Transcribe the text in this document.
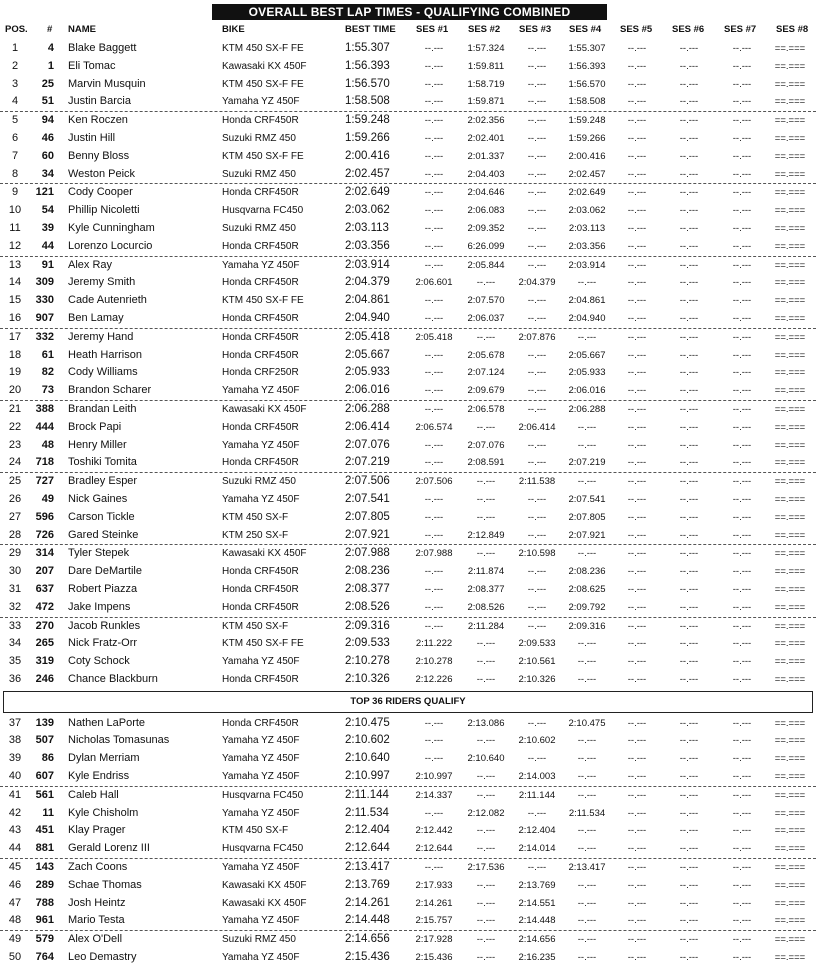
OVERALL BEST LAP TIMES - QUALIFYING COMBINED
POS. # NAME	BIKE	BEST TIME SES #1 SES #2 SES #3 SES #4 SES #5 SES #6 SES #7 SES #8
1	4 Blake Baggett	KTM 450 SX-F FE	1:55.307	--.---	1:57.324	--.---	1:55.307	--.---	--.---	--.---	==.===
2	1 Eli Tomac	Kawasaki KX 450F	1:56.393	--.---	1:59.811	--.---	1:56.393	--.---	--.---	--.---	==.===
3	25 Marvin Musquin	KTM 450 SX-F FE	1:56.570	--.---	1:58.719	--.---	1:56.570	--.---	--.---	--.---	==.===
4	51 Justin Barcia	Yamaha YZ 450F	1:58.508	--.---	1:59.871	--.---	1:58.508	--.---	--.---	--.---	==.===
5	94 Ken Roczen	Honda CRF450R	1:59.248	--.---	2:02.356	--.---	1:59.248	--.---	--.---	--.---	==.===
6	46 Justin Hill	Suzuki RMZ 450	1:59.266	--.---	2:02.401	--.---	1:59.266	--.---	--.---	--.---	==.===
7	60 Benny Bloss	KTM 450 SX-F FE	2:00.416	--.---	2:01.337	--.---	2:00.416	--.---	--.---	--.---	==.===
8	34 Weston Peick	Suzuki RMZ 450	2:02.457	--.---	2:04.403	--.---	2:02.457	--.---	--.---	--.---	==.===
9	121 Cody Cooper	Honda CRF450R	2:02.649	--.---	2:04.646	--.---	2:02.649	--.---	--.---	--.---	==.===
10	54 Phillip Nicoletti	Husqvarna FC450	2:03.062	--.---	2:06.083	--.---	2:03.062	--.---	--.---	--.---	==.===
11	39 Kyle Cunningham	Suzuki RMZ 450	2:03.113	--.---	2:09.352	--.---	2:03.113	--.---	--.---	--.---	==.===
12	44 Lorenzo Locurcio	Honda CRF450R	2:03.356	--.---	6:26.099	--.---	2:03.356	--.---	--.---	--.---	==.===
13	91 Alex Ray	Yamaha YZ 450F	2:03.914	--.---	2:05.844	--.---	2:03.914	--.---	--.---	--.---	==.===
14	309 Jeremy Smith	Honda CRF450R	2:04.379	2:06.601	--.---	2:04.379	--.---	--.---	--.---	--.---	==.===
15	330 Cade Autenrieth	KTM 450 SX-F FE	2:04.861	--.---	2:07.570	--.---	2:04.861	--.---	--.---	--.---	==.===
16	907 Ben Lamay	Honda CRF450R	2:04.940	--.---	2:06.037	--.---	2:04.940	--.---	--.---	--.---	==.===
17	332 Jeremy Hand	Honda CRF450R	2:05.418	2:05.418	--.---	2:07.876	--.---	--.---	--.---	--.---	==.===
18	61 Heath Harrison	Honda CRF450R	2:05.667	--.---	2:05.678	--.---	2:05.667	--.---	--.---	--.---	==.===
19	82 Cody Williams	Honda CRF250R	2:05.933	--.---	2:07.124	--.---	2:05.933	--.---	--.---	--.---	==.===
20	73 Brandon Scharer	Yamaha YZ 450F	2:06.016	--.---	2:09.679	--.---	2:06.016	--.---	--.---	--.---	==.===
21	388 Brandan Leith	Kawasaki KX 450F	2:06.288	--.---	2:06.578	--.---	2:06.288	--.---	--.---	--.---	==.===
22	444 Brock Papi	Honda CRF450R	2:06.414	2:06.574	--.---	2:06.414	--.---	--.---	--.---	--.---	==.===
23	48 Henry Miller	Yamaha YZ 450F	2:07.076	--.---	2:07.076	--.---	--.---	--.---	--.---	--.---	==.===
24	718 Toshiki Tomita	Honda CRF450R	2:07.219	--.---	2:08.591	--.---	2:07.219	--.---	--.---	--.---	==.===
25	727 Bradley Esper	Suzuki RMZ 450	2:07.506	2:07.506	--.---	2:11.538	--.---	--.---	--.---	--.---	==.===
26	49 Nick Gaines	Yamaha YZ 450F	2:07.541	--.---	--.---	--.---	2:07.541	--.---	--.---	--.---	==.===
27	596 Carson Tickle	KTM 450 SX-F	2:07.805	--.---	--.---	--.---	2:07.805	--.---	--.---	--.---	==.===
28	726 Gared Steinke	KTM 250 SX-F	2:07.921	--.---	2:12.849	--.---	2:07.921	--.---	--.---	--.---	==.===
29	314 Tyler Stepek	Kawasaki KX 450F	2:07.988	2:07.988	--.---	2:10.598	--.---	--.---	--.---	--.---	==.===
30	207 Dare DeMartile	Honda CRF450R	2:08.236	--.---	2:11.874	--.---	2:08.236	--.---	--.---	--.---	==.===
31	637 Robert Piazza	Honda CRF450R	2:08.377	--.---	2:08.377	--.---	2:08.625	--.---	--.---	--.---	==.===
32	472 Jake Impens	Honda CRF450R	2:08.526	--.---	2:08.526	--.---	2:09.792	--.---	--.---	--.---	==.===
33	270 Jacob Runkles	KTM 450 SX-F	2:09.316	--.---	2:11.284	--.---	2:09.316	--.---	--.---	--.---	==.===
34	265 Nick Fratz-Orr	KTM 450 SX-F FE	2:09.533	2:11.222	--.---	2:09.533	--.---	--.---	--.---	--.---	==.===
35	319 Coty Schock	Yamaha YZ 450F	2:10.278	2:10.278	--.---	2:10.561	--.---	--.---	--.---	--.---	==.===
36	246 Chance Blackburn	Honda CRF450R	2:10.326	2:12.226	--.---	2:10.326	--.---	--.---	--.---	--.---	==.===
TOP 36 RIDERS QUALIFY
37	139 Nathen LaPorte	Honda CRF450R	2:10.475	--.---	2:13.086	--.---	2:10.475	--.---	--.---	--.---	==.===
38	507 Nicholas Tomasunas	Yamaha YZ 450F	2:10.602	--.---	--.---	2:10.602	--.---	--.---	--.---	--.---	==.===
39	86 Dylan Merriam	Yamaha YZ 450F	2:10.640	--.---	2:10.640	--.---	--.---	--.---	--.---	--.---	==.===
40	607 Kyle Endriss	Yamaha YZ 450F	2:10.997	2:10.997	--.---	2:14.003	--.---	--.---	--.---	--.---	==.===
41	561 Caleb Hall	Husqvarna FC450	2:11.144	2:14.337	--.---	2:11.144	--.---	--.---	--.---	--.---	==.===
42	11 Kyle Chisholm	Yamaha YZ 450F	2:11.534	--.---	2:12.082	--.---	2:11.534	--.---	--.---	--.---	==.===
43	451 Klay Prager	KTM 450 SX-F	2:12.404	2:12.442	--.---	2:12.404	--.---	--.---	--.---	--.---	==.===
44	881 Gerald Lorenz III	Husqvarna FC450	2:12.644	2:12.644	--.---	2:14.014	--.---	--.---	--.---	--.---	==.===
45	143 Zach Coons	Yamaha YZ 450F	2:13.417	--.---	2:17.536	--.---	2:13.417	--.---	--.---	--.---	==.===
46	289 Schae Thomas	Kawasaki KX 450F	2:13.769	2:17.933	--.---	2:13.769	--.---	--.---	--.---	--.---	==.===
47	788 Josh Heintz	Kawasaki KX 450F	2:14.261	2:14.261	--.---	2:14.551	--.---	--.---	--.---	--.---	==.===
48	961 Mario Testa	Yamaha YZ 450F	2:14.448	2:15.757	--.---	2:14.448	--.---	--.---	--.---	--.---	==.===
49	579 Alex O'Dell	Suzuki RMZ 450	2:14.656	2:17.928	--.---	2:14.656	--.---	--.---	--.---	--.---	==.===
50	764 Leo Demastry	Yamaha YZ 450F	2:15.436	2:15.436	--.---	2:16.235	--.---	--.---	--.---	--.---	==.===
